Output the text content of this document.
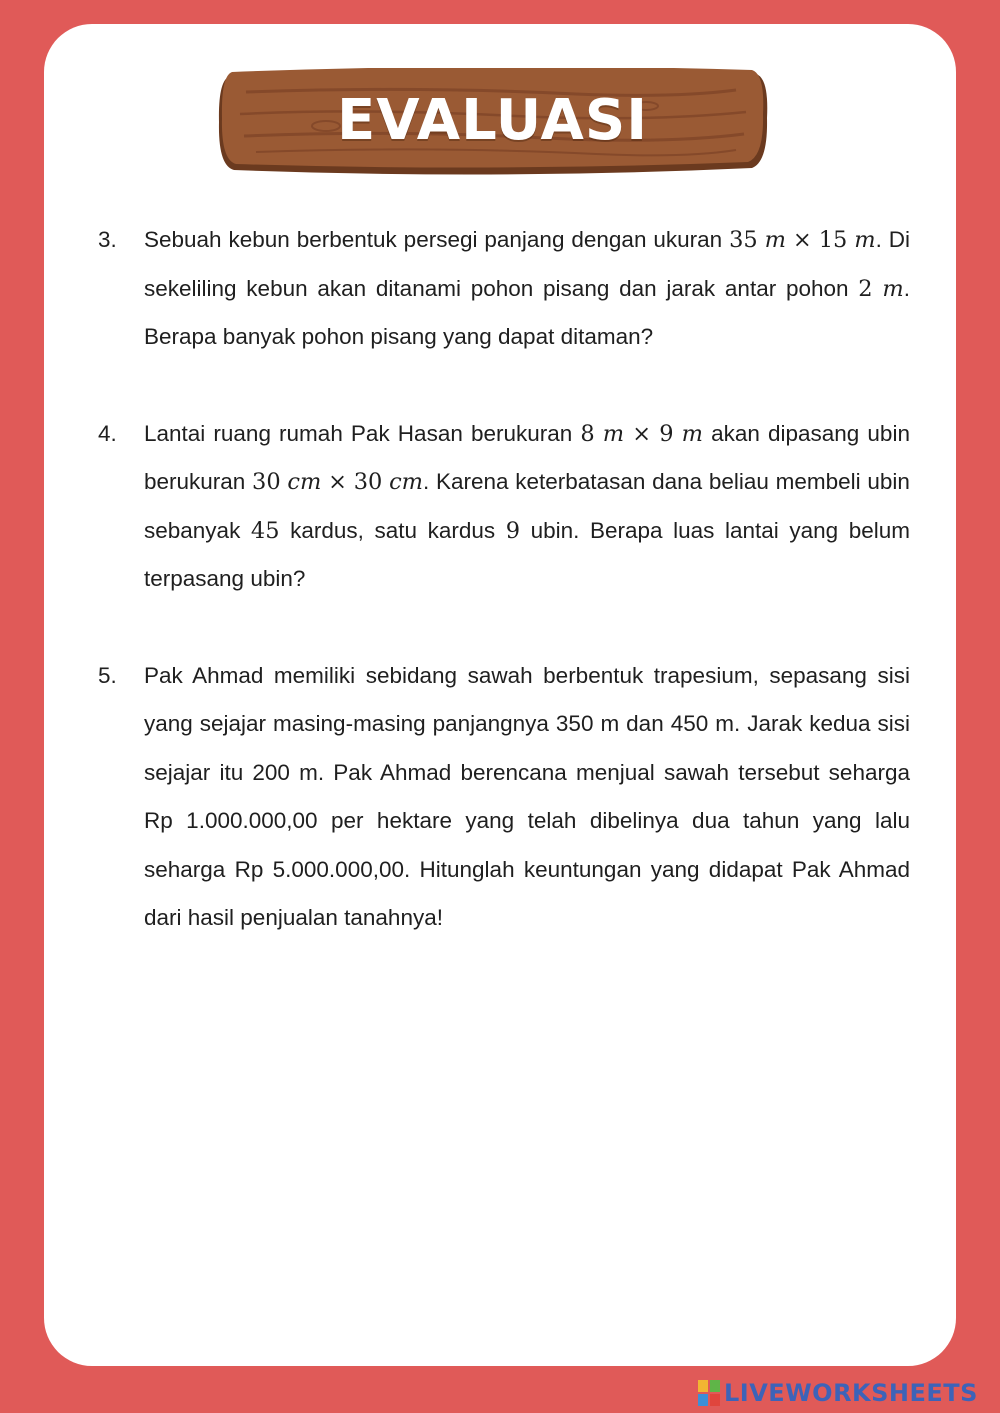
EVALUASI
3.	Sebuah kebun berbentuk persegi panjang dengan ukuran 35 m × 15 m. Di sekeliling kebun akan ditanami pohon pisang dan jarak antar pohon 2 m. Berapa banyak pohon pisang yang dapat ditaman?
4.	Lantai ruang rumah Pak Hasan berukuran 8 m × 9 m akan dipasang ubin berukuran 30 cm × 30 cm. Karena keterbatasan dana beliau membeli ubin sebanyak 45 kardus, satu kardus 9 ubin. Berapa luas lantai yang belum terpasang ubin?
5.	Pak Ahmad memiliki sebidang sawah berbentuk trapesium, sepasang sisi yang sejajar masing-masing panjangnya 350 m dan 450 m. Jarak kedua sisi sejajar itu 200 m. Pak Ahmad berencana menjual sawah tersebut seharga Rp 1.000.000,00 per hektare yang telah dibelinya dua tahun yang lalu seharga Rp 5.000.000,00. Hitunglah keuntungan yang didapat Pak Ahmad dari hasil penjualan tanahnya!
LIVEWORKSHEETS
